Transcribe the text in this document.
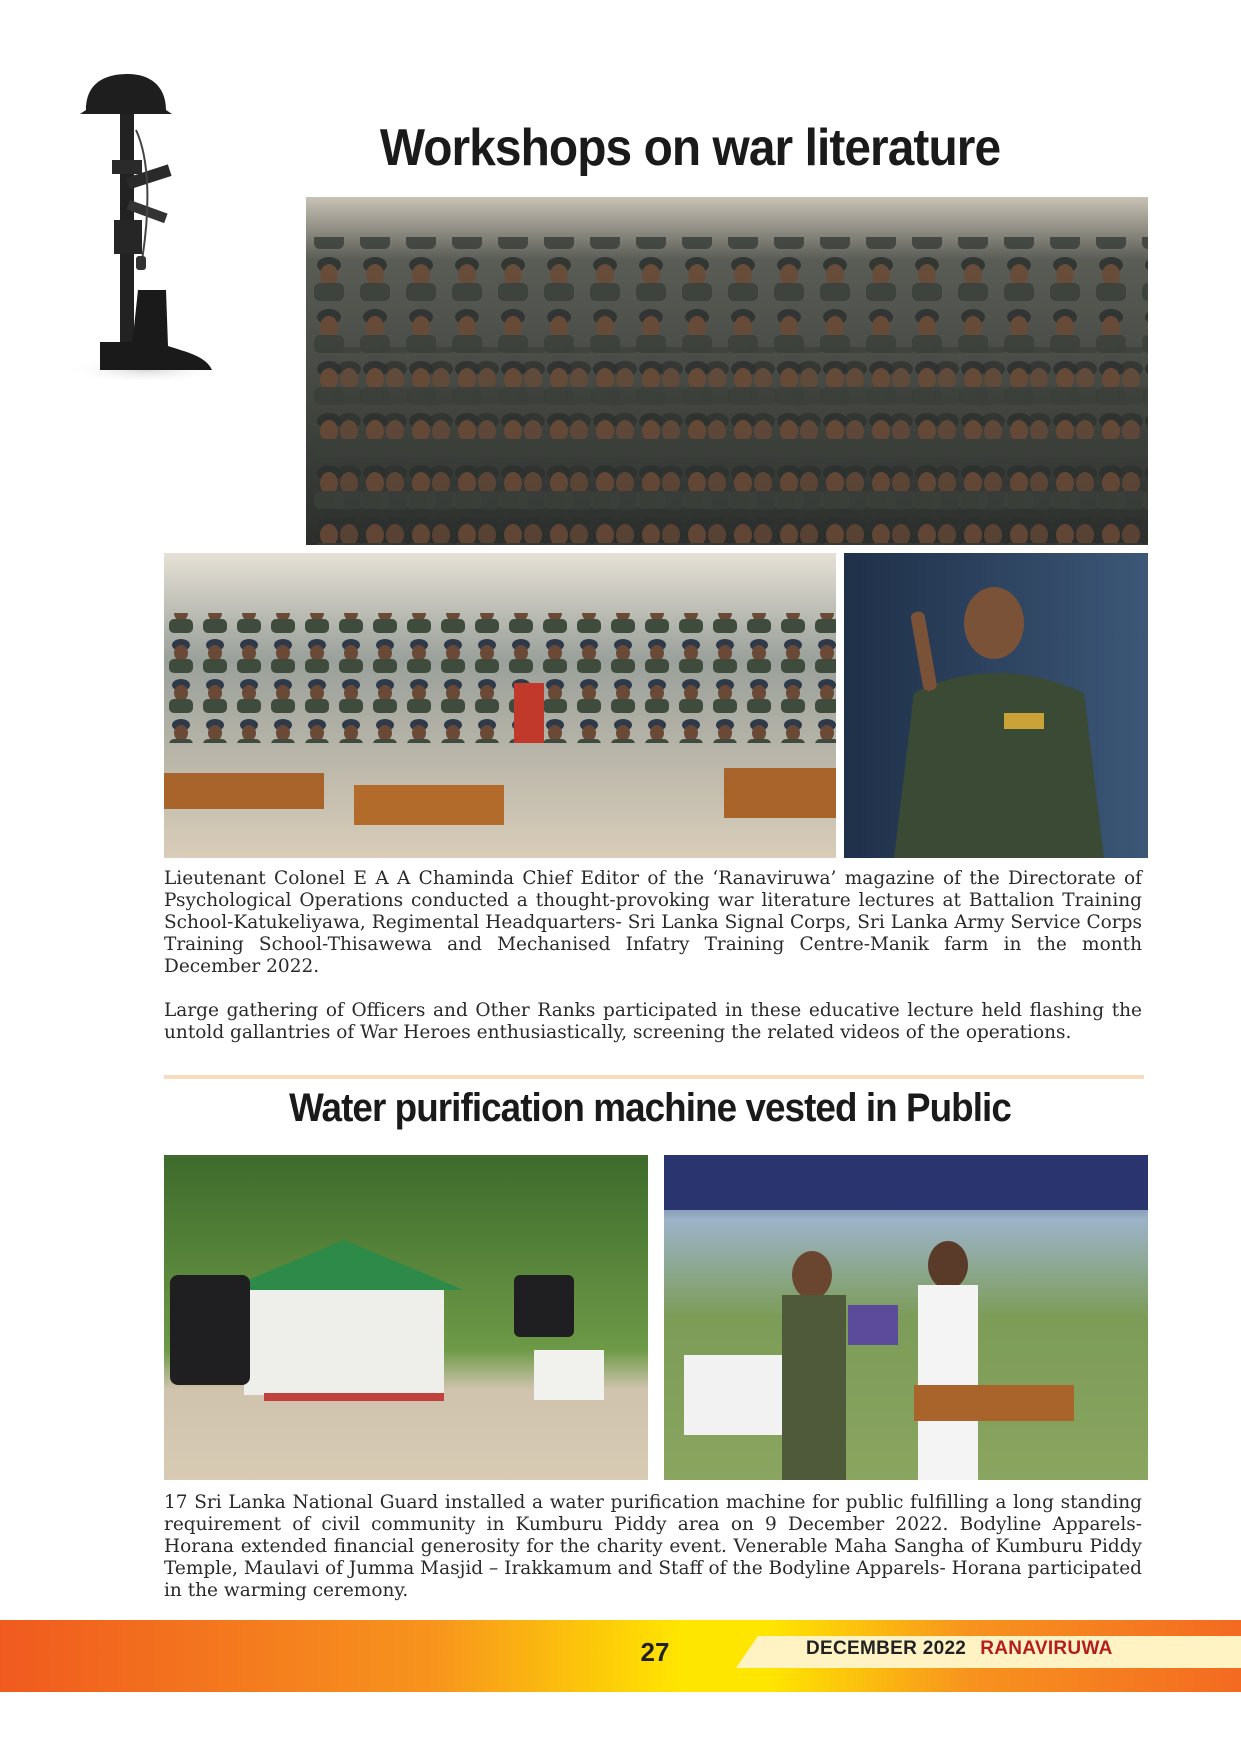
Workshops on war literature

Lieutenant Colonel E A A Chaminda Chief Editor of the ‘Ranaviruwa’ magazine of the Directorate of Psychological Operations conducted a thought-provoking war literature lectures at Battalion Training School-Katukeliyawa, Regimental Headquarters- Sri Lanka Signal Corps, Sri Lanka Army Service Corps Training School-Thisawewa and Mechanised Infatry Training Centre-Manik farm in the month December 2022.

Large gathering of Officers and Other Ranks participated in these educative lecture held flashing the untold gallantries of War Heroes enthusiastically, screening the related videos of the operations.

Water purification machine vested in Public

17 Sri Lanka National Guard installed a water purification machine for public fulfilling a long standing requirement of civil community in Kumburu Piddy area on 9 December 2022. Bodyline Apparels- Horana extended financial generosity for the charity event. Venerable Maha Sangha of Kumburu Piddy Temple, Maulavi of Jumma Masjid – Irakkamum and Staff of the Bodyline Apparels- Horana participated in the warming ceremony.

27	DECEMBER 2022 RANAVIRUWA
